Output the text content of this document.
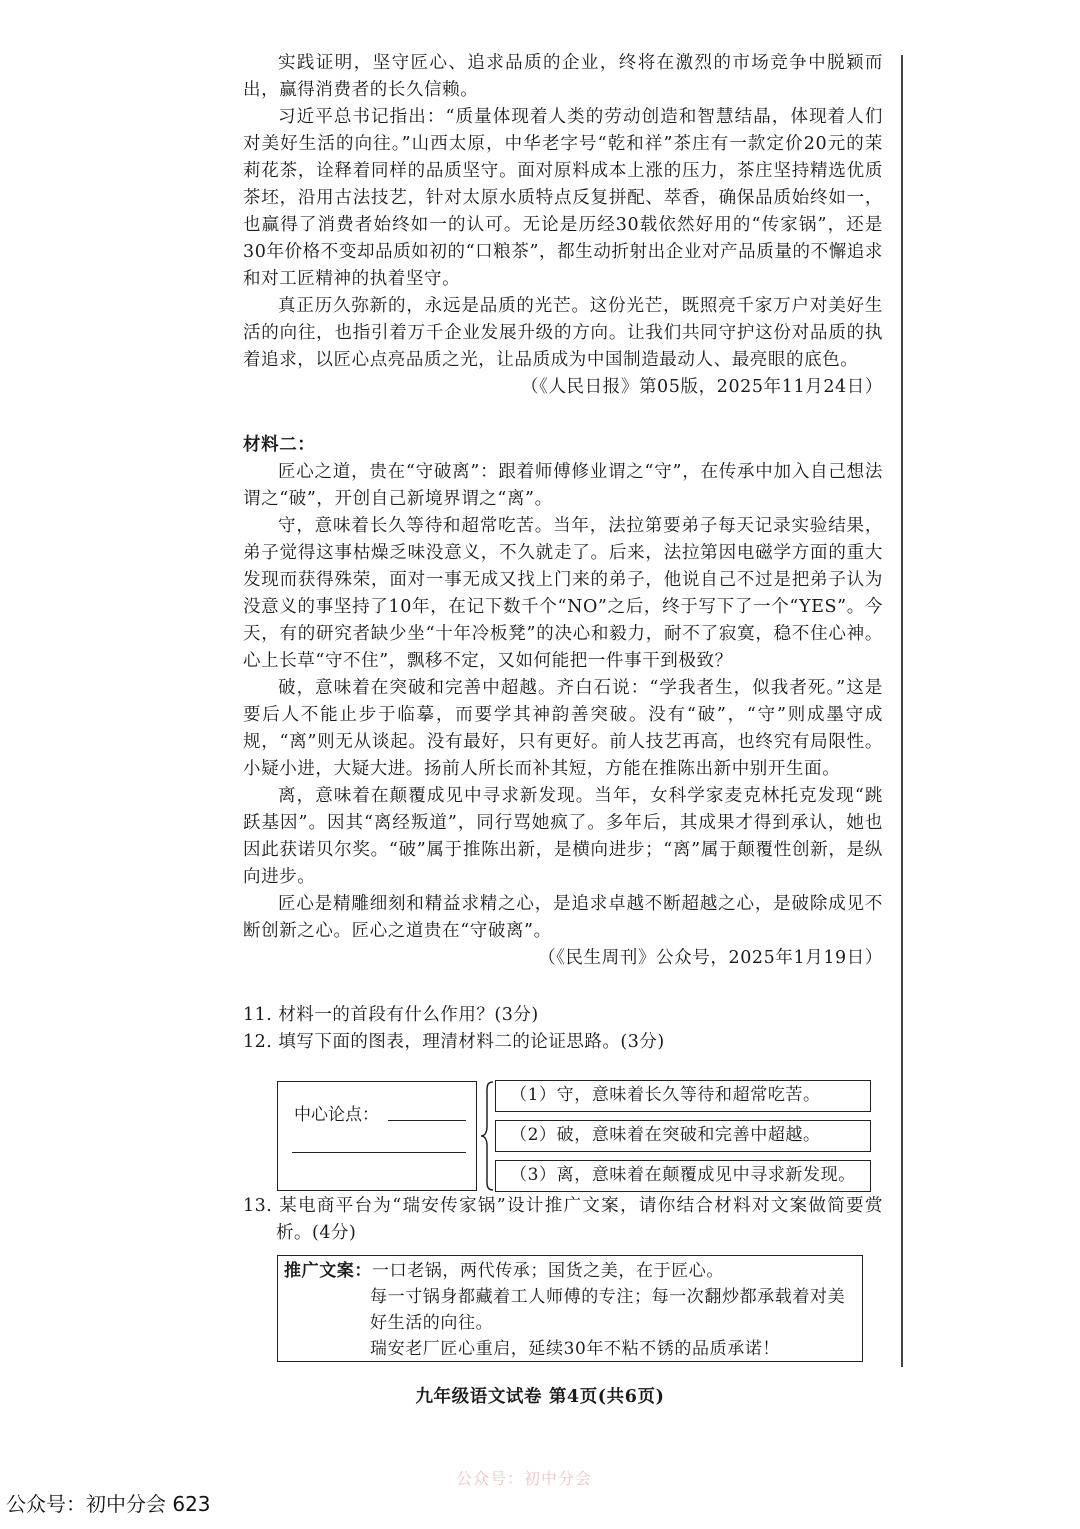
实践证明，坚守匠心、追求品质的企业，终将在激烈的市场竞争中脱颖而出，赢得消费者的长久信赖。

习近平总书记指出：“质量体现着人类的劳动创造和智慧结晶，体现着人们对美好生活的向往。”山西太原，中华老字号“乾和祥”茶庄有一款定价20元的茉莉花茶，诠释着同样的品质坚守。面对原料成本上涨的压力，茶庄坚持精选优质茶坯，沿用古法技艺，针对太原水质特点反复拼配、萃香，确保品质始终如一，也赢得了消费者始终如一的认可。无论是历经30载依然好用的“传家锅”，还是30年价格不变却品质如初的“口粮茶”，都生动折射出企业对产品质量的不懈追求和对工匠精神的执着坚守。

真正历久弥新的，永远是品质的光芒。这份光芒，既照亮千家万户对美好生活的向往，也指引着万千企业发展升级的方向。让我们共同守护这份对品质的执着追求，以匠心点亮品质之光，让品质成为中国制造最动人、最亮眼的底色。

（《人民日报》第05版，2025年11月24日）

材料二：

匠心之道，贵在“守破离”：跟着师傅修业谓之“守”，在传承中加入自己想法谓之“破”，开创自己新境界谓之“离”。

守，意味着长久等待和超常吃苦。当年，法拉第要弟子每天记录实验结果，弟子觉得这事枯燥乏味没意义，不久就走了。后来，法拉第因电磁学方面的重大发现而获得殊荣，面对一事无成又找上门来的弟子，他说自己不过是把弟子认为没意义的事坚持了10年，在记下数千个“NO”之后，终于写下了一个“YES”。今天，有的研究者缺少坐“十年冷板凳”的决心和毅力，耐不了寂寞，稳不住心神。心上长草“守不住”，飘移不定，又如何能把一件事干到极致？

破，意味着在突破和完善中超越。齐白石说：“学我者生，似我者死。”这是要后人不能止步于临摹，而要学其神韵善突破。没有“破”，“守”则成墨守成规，“离”则无从谈起。没有最好，只有更好。前人技艺再高，也终究有局限性。小疑小进，大疑大进。扬前人所长而补其短，方能在推陈出新中别开生面。

离，意味着在颠覆成见中寻求新发现。当年，女科学家麦克林托克发现“跳跃基因”。因其“离经叛道”，同行骂她疯了。多年后，其成果才得到承认，她也因此获诺贝尔奖。“破”属于推陈出新，是横向进步；“离”属于颠覆性创新，是纵向进步。

匠心是精雕细刻和精益求精之心，是追求卓越不断超越之心，是破除成见不断创新之心。匠心之道贵在“守破离”。

（《民生周刊》公众号，2025年1月19日）

11. 材料一的首段有什么作用？(3分)

12. 填写下面的图表，理清材料二的论证思路。(3分)

中心论点：
（1）守，意味着长久等待和超常吃苦。
（2）破，意味着在突破和完善中超越。
（3）离，意味着在颠覆成见中寻求新发现。

13. 某电商平台为“瑞安传家锅”设计推广文案，请你结合材料对文案做简要赏析。(4分)

推广文案：一口老锅，两代传承；国货之美，在于匠心。

每一寸锅身都藏着工人师傅的专注；每一次翻炒都承载着对美好生活的向往。

瑞安老厂匠心重启，延续30年不粘不锈的品质承诺！

九年级语文试卷 第4页(共6页)
公众号：初中分会
公众号：初中分会 623
